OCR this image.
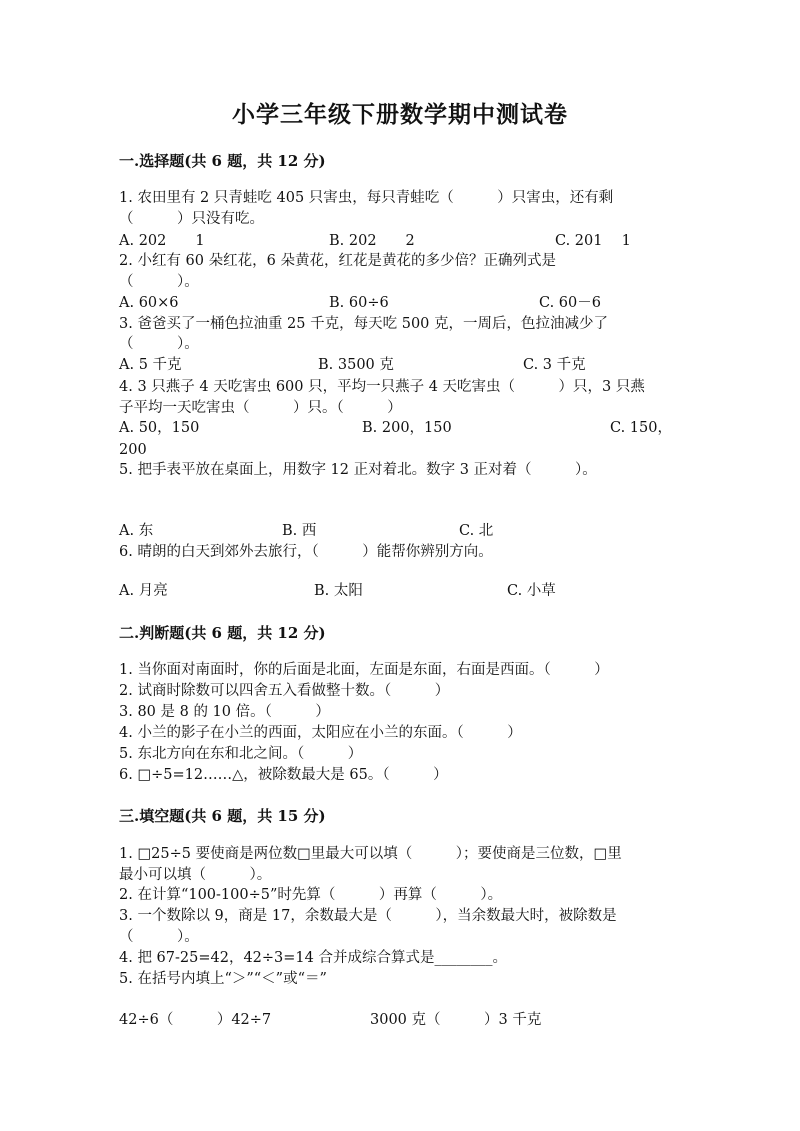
小学三年级下册数学期中测试卷
一.选择题(共 6 题，共 12 分)
1. 农田里有 2 只青蛙吃 405 只害虫，每只青蛙吃（　　　）只害虫，还有剩
（　　　）只没有吃。
A. 202　　1	B. 202　　2	C. 201　 1
2. 小红有 60 朵红花，6 朵黄花，红花是黄花的多少倍？正确列式是
（　　　）。
A. 60×6	B. 60÷6	C. 60－6
3. 爸爸买了一桶色拉油重 25 千克，每天吃 500 克，一周后，色拉油减少了
（　　　）。
A. 5 千克	B. 3500 克	C. 3 千克
4. 3 只燕子 4 天吃害虫 600 只，平均一只燕子 4 天吃害虫（　　　）只，3 只燕
子平均一天吃害虫（　　　）只。（　　　）
A. 50，150	B. 200，150	C. 150，
200
5. 把手表平放在桌面上，用数字 12 正对着北。数字 3 正对着（　　　）。
A. 东	B. 西	C. 北
6. 晴朗的白天到郊外去旅行，（　　　）能帮你辨别方向。
A. 月亮	B. 太阳	C. 小草
二.判断题(共 6 题，共 12 分)
1. 当你面对南面时，你的后面是北面，左面是东面，右面是西面。（　　　）
2. 试商时除数可以四舍五入看做整十数。（　　　）
3. 80 是 8 的 10 倍。（　　　）
4. 小兰的影子在小兰的西面，太阳应在小兰的东面。（　　　）
5. 东北方向在东和北之间。（　　　）
6. □÷5=12……△，被除数最大是 65。（　　　）
三.填空题(共 6 题，共 15 分)
1. □25÷5 要使商是两位数□里最大可以填（　　　）；要使商是三位数，□里
最小可以填（　　　）。
2. 在计算“100-100÷5”时先算（　　　）再算（　　　）。
3. 一个数除以 9，商是 17，余数最大是（　　　），当余数最大时，被除数是
（　　　）。
4. 把 67-25=42，42÷3=14 合并成综合算式是________。
5. 在括号内填上“＞”“＜”或“＝”
42÷6（　　　）42÷7	3000 克（　　　）3 千克
